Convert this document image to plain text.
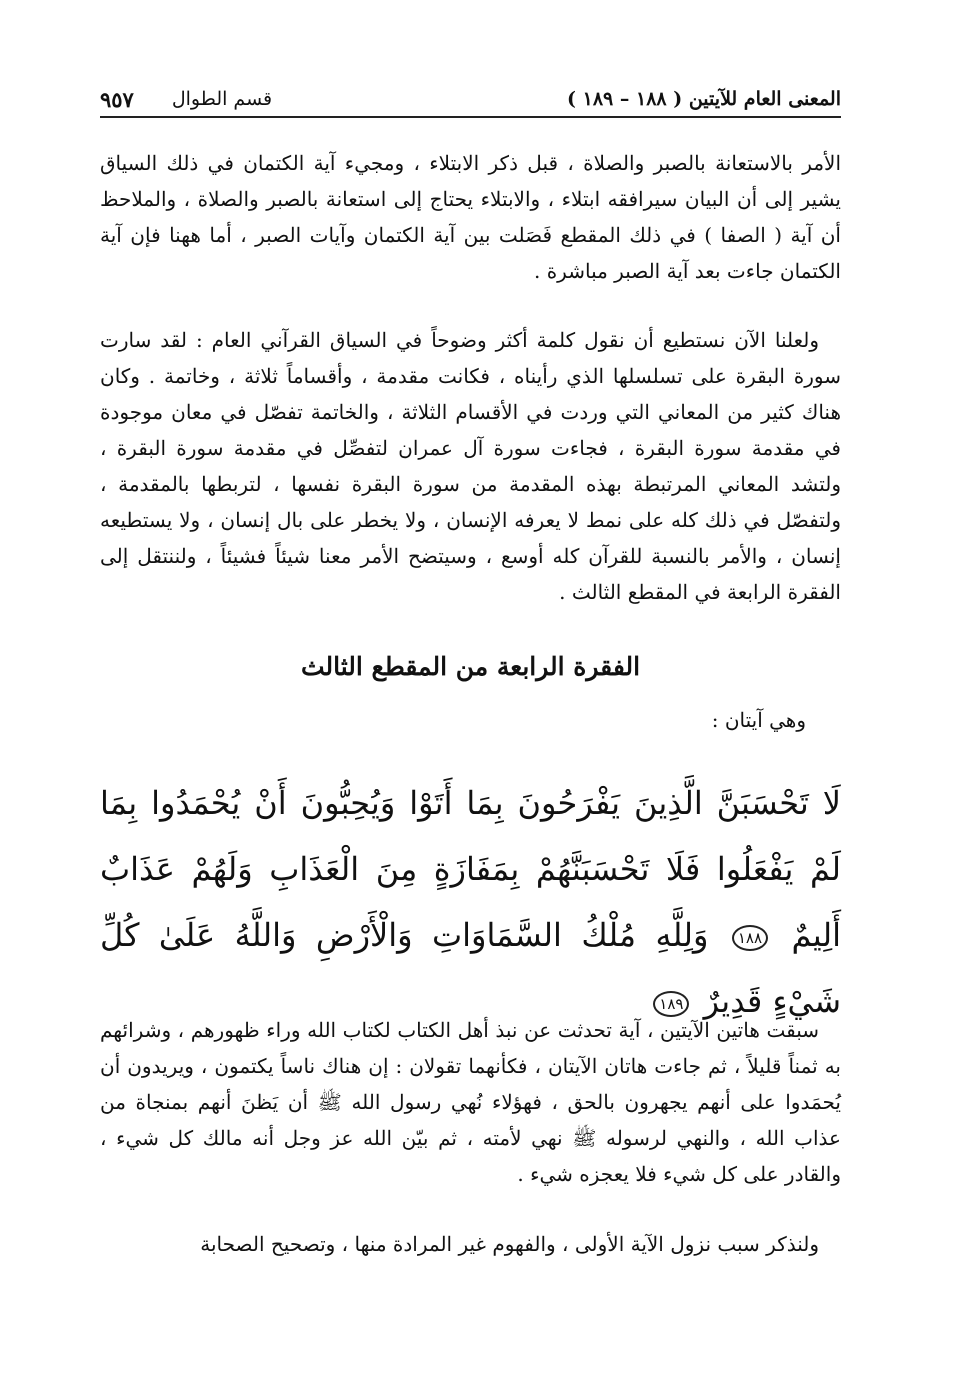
المعنى العام للآيتين ( ١٨٨ – ١٨٩ )
قسم الطوال
٩٥٧

الأمر بالاستعانة بالصبر والصلاة ، قبل ذكر الابتلاء ، ومجيء آية الكتمان في ذلك السياق يشير إلى أن البيان سيرافقه ابتلاء ، والابتلاء يحتاج إلى استعانة بالصبر والصلاة ، والملاحظ أن آية ( الصفا ) في ذلك المقطع فَصَلت بين آية الكتمان وآيات الصبر ، أما ههنا فإن آية الكتمان جاءت بعد آية الصبر مباشرة .

ولعلنا الآن نستطيع أن نقول كلمة أكثر وضوحاً في السياق القرآني العام : لقد سارت سورة البقرة على تسلسلها الذي رأيناه ، فكانت مقدمة ، وأقساماً ثلاثة ، وخاتمة . وكان هناك كثير من المعاني التي وردت في الأقسام الثلاثة ، والخاتمة تفصّل في معان موجودة في مقدمة سورة البقرة ، فجاءت سورة آل عمران لتفصِّل في مقدمة سورة البقرة ، ولتشد المعاني المرتبطة بهذه المقدمة من سورة البقرة نفسها ، لتربطها بالمقدمة ، ولتفصّل في ذلك كله على نمط لا يعرفه الإنسان ، ولا يخطر على بال إنسان ، ولا يستطيعه إنسان ، والأمر بالنسبة للقرآن كله أوسع ، وسيتضح الأمر معنا شيئاً فشيئاً ، ولننتقل إلى الفقرة الرابعة في المقطع الثالث .

الفقرة الرابعة من المقطع الثالث

وهي آيتان :

لَا تَحْسَبَنَّ الَّذِينَ يَفْرَحُونَ بِمَا أَتَوْا وَيُحِبُّونَ أَنْ يُحْمَدُوا بِمَا لَمْ يَفْعَلُوا فَلَا تَحْسَبَنَّهُمْ بِمَفَازَةٍ مِنَ الْعَذَابِ وَلَهُمْ عَذَابٌ أَلِيمٌ ١٨٨ وَلِلَّهِ مُلْكُ السَّمَاوَاتِ وَالْأَرْضِ وَاللَّهُ عَلَىٰ كُلِّ شَيْءٍ قَدِيرٌ ١٨٩

سبقت هاتين الآيتين ، آية تحدثت عن نبذ أهل الكتاب لكتاب الله وراء ظهورهم ، وشرائهم به ثمناً قليلاً ، ثم جاءت هاتان الآيتان ، فكأنهما تقولان : إن هناك ناساً يكتمون ، ويريدون أن يُحمَدوا على أنهم يجهرون بالحق ، فهؤلاء نُهي رسول الله ﷺ أن يَظنَ أنهم بمنجاة من عذاب الله ، والنهي لرسوله ﷺ نهي لأمته ، ثم بيّن الله عز وجل أنه مالك كل شيء ، والقادر على كل شيء فلا يعجزه شيء .

ولنذكر سبب نزول الآية الأولى ، والفهوم غير المرادة منها ، وتصحيح الصحابة
